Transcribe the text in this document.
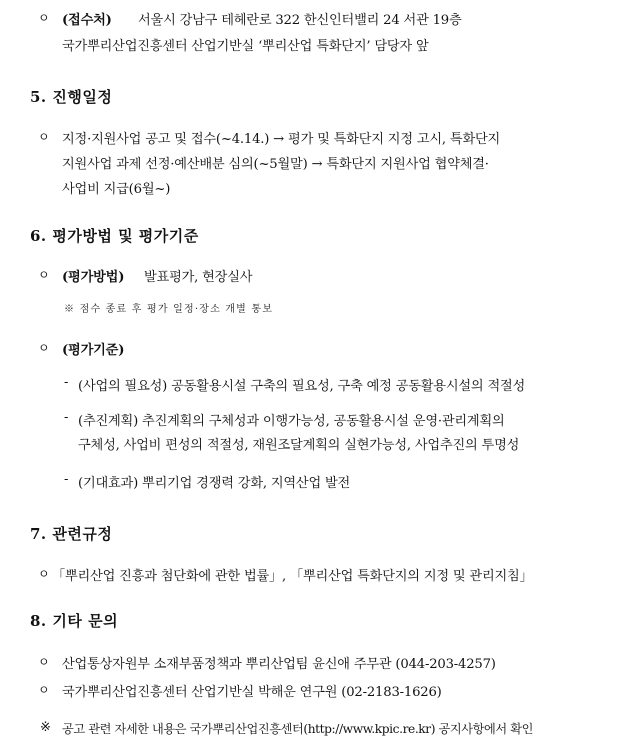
ㅇ (접수처) 서울시 강남구 테헤란로 322 한신인터밸리 24 서관 19층
국가뿌리산업진흥센터 산업기반실 ‘뿌리산업 특화단지’ 담당자 앞
5. 진행일정
ㅇ 지정·지원사업 공고 및 접수(~4.14.) → 평가 및 특화단지 지정 고시, 특화단지
지원사업 과제 선정·예산배분 심의(~5월말) → 특화단지 지원사업 협약체결·
사업비 지급(6월~)
6. 평가방법 및 평가기준
ㅇ (평가방법) 발표평가, 현장실사
※ 점수 종료 후 평가 일정·장소 개별 통보
ㅇ (평가기준)
- (사업의 필요성) 공동활용시설 구축의 필요성, 구축 예정 공동활용시설의 적절성
- (추진계획) 추진계획의 구체성과 이행가능성, 공동활용시설 운영·관리계획의
구체성, 사업비 편성의 적절성, 재원조달계획의 실현가능성, 사업추진의 투명성
- (기대효과) 뿌리기업 경쟁력 강화, 지역산업 발전
7. 관련규정
ㅇ 「뿌리산업 진흥과 첨단화에 관한 법률」, 「뿌리산업 특화단지의 지정 및 관리지침」
8. 기타 문의
ㅇ 산업통상자원부 소재부품정책과 뿌리산업팀 윤신애 주무관 (044-203-4257)
ㅇ 국가뿌리산업진흥센터 산업기반실 박해운 연구원 (02-2183-1626)
※ 공고 관련 자세한 내용은 국가뿌리산업진흥센터(http://www.kpic.re.kr) 공지사항에서 확인
